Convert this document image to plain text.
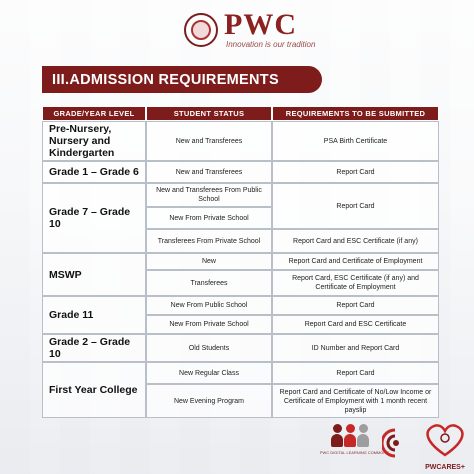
PWC
Innovation is our tradition
III.ADMISSION REQUIREMENTS
GRADE/YEAR LEVEL	STUDENT STATUS	REQUIREMENTS TO BE SUBMITTED
Pre-Nursery, Nursery and Kindergarten	New and Transferees	PSA Birth Certificate
Grade 1 – Grade 6	New and Transferees	Report Card
Grade 7 – Grade 10	New and Transferees From Public School	Report Card
	New From Private School	
	Transferees From Private School	Report Card and ESC Certificate (if any)
MSWP	New	Report Card and Certificate of Employment
	Transferees	Report Card, ESC Certificate (if any) and Certificate of Employment
Grade 11	New From Public School	Report Card
	New From Private School	Report Card and ESC Certificate
Grade 2 – Grade 10	Old Students	ID Number and Report Card
First Year College	New Regular Class	Report Card
	New Evening Program	Report Card and Certificate of No/Low Income or Certificate of Employment with 1 month recent payslip
PWC DIGITAL LEARNING COMMONS
PWCARES+
